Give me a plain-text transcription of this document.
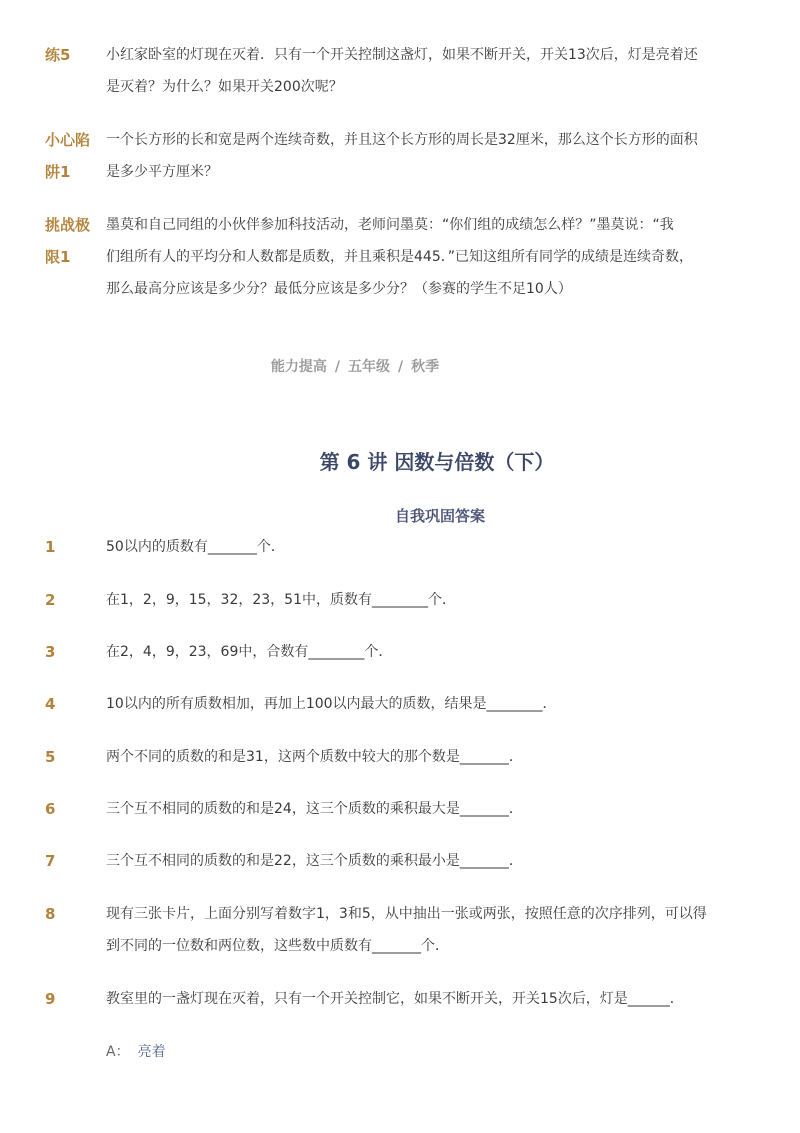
练5	小红家卧室的灯现在灭着．只有一个开关控制这盏灯，如果不断开关，开关13次后，灯是亮着还
是灭着？为什么？如果开关200次呢？
小心陷阱1
一个长方形的长和宽是两个连续奇数，并且这个长方形的周长是32厘米，那么这个长方形的面积
是多少平方厘米？
挑战极限1
墨莫和自己同组的小伙伴参加科技活动，老师问墨莫：“你们组的成绩怎么样？”墨莫说：“我
们组所有人的平均分和人数都是质数，并且乘积是445．”已知这组所有同学的成绩是连续奇数，
那么最高分应该是多少分？最低分应该是多少分？（参赛的学生不足10人）
能力提高 / 五年级 / 秋季
第 6 讲 因数与倍数（下）
自我巩固答案
1	50以内的质数有_______个．
2	在1，2，9，15，32，23，51中，质数有________个．
3	在2，4，9，23，69中，合数有________个．
4	10以内的所有质数相加，再加上100以内最大的质数，结果是________．
5	两个不同的质数的和是31，这两个质数中较大的那个数是_______．
6	三个互不相同的质数的和是24，这三个质数的乘积最大是_______．
7	三个互不相同的质数的和是22，这三个质数的乘积最小是_______．
8	现有三张卡片，上面分别写着数字1，3和5，从中抽出一张或两张，按照任意的次序排列，可以得
到不同的一位数和两位数，这些数中质数有_______个．
9	教室里的一盏灯现在灭着，只有一个开关控制它，如果不断开关，开关15次后，灯是______．
A： 亮着
